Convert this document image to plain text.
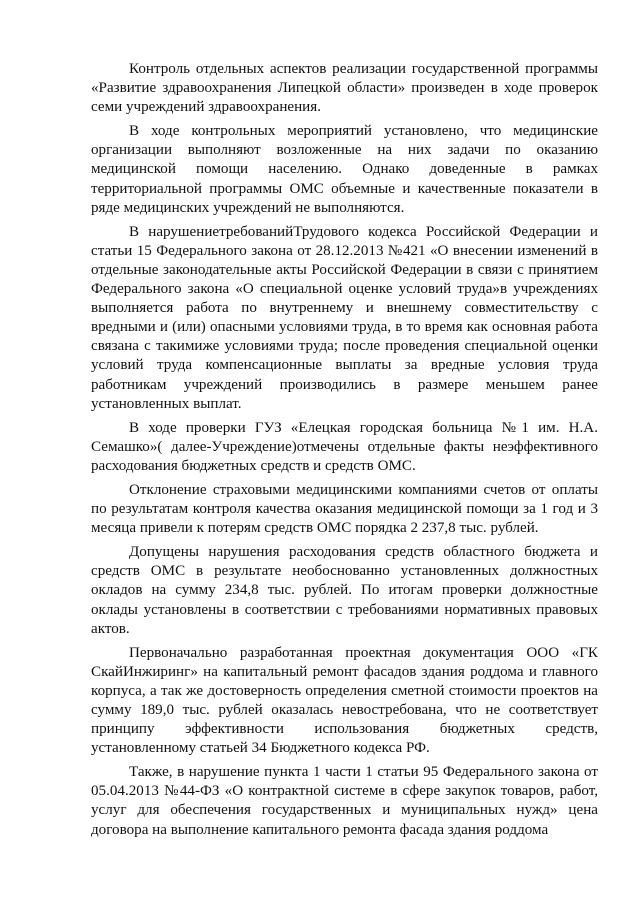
Контроль отдельных аспектов реализации государственной программы «Развитие здравоохранения Липецкой области» произведен в ходе проверок семи учреждений здравоохранения.

В ходе контрольных мероприятий установлено, что медицинские организации выполняют возложенные на них задачи по оказанию медицинской помощи населению. Однако доведенные в рамках территориальной программы ОМС объемные и качественные показатели в ряде медицинских учреждений не выполняются.

В нарушениетребованийТрудового кодекса Российской Федерации и статьи 15 Федерального закона от 28.12.2013 №421 «О внесении изменений в отдельные законодательные акты Российской Федерации в связи с принятием Федерального закона «О специальной оценке условий труда»в учреждениях выполняется работа по внутреннему и внешнему совместительству с вредными и (или) опасными условиями труда, в то время как основная работа связана с такимиже условиями труда; после проведения специальной оценки условий труда компенсационные выплаты за вредные условия труда работникам учреждений производились в размере меньшем ранее установленных выплат.

В ходе проверки ГУЗ «Елецкая городская больница №1 им. Н.А. Семашко»( далее-Учреждение)отмечены отдельные факты неэффективного расходования бюджетных средств и средств ОМС.

Отклонение страховыми медицинскими компаниями счетов от оплаты по результатам контроля качества оказания медицинской помощи за 1 год и 3 месяца привели к потерям средств ОМС порядка 2 237,8 тыс. рублей.

Допущены нарушения расходования средств областного бюджета и средств ОМС в результате необоснованно установленных должностных окладов на сумму 234,8 тыс. рублей. По итогам проверки должностные оклады установлены в соответствии с требованиями нормативных правовых актов.

Первоначально разработанная проектная документация ООО «ГК СкайИнжиринг» на капитальный ремонт фасадов здания роддома и главного корпуса, а так же достоверность определения сметной стоимости проектов на сумму 189,0 тыс. рублей оказалась невостребована, что не соответствует принципу эффективности использования бюджетных средств, установленному статьей 34 Бюджетного кодекса РФ.

Также, в нарушение пункта 1 части 1 статьи 95 Федерального закона от 05.04.2013 №44-ФЗ «О контрактной системе в сфере закупок товаров, работ, услуг для обеспечения государственных и муниципальных нужд» цена договора на выполнение капитального ремонта фасада здания роддома
